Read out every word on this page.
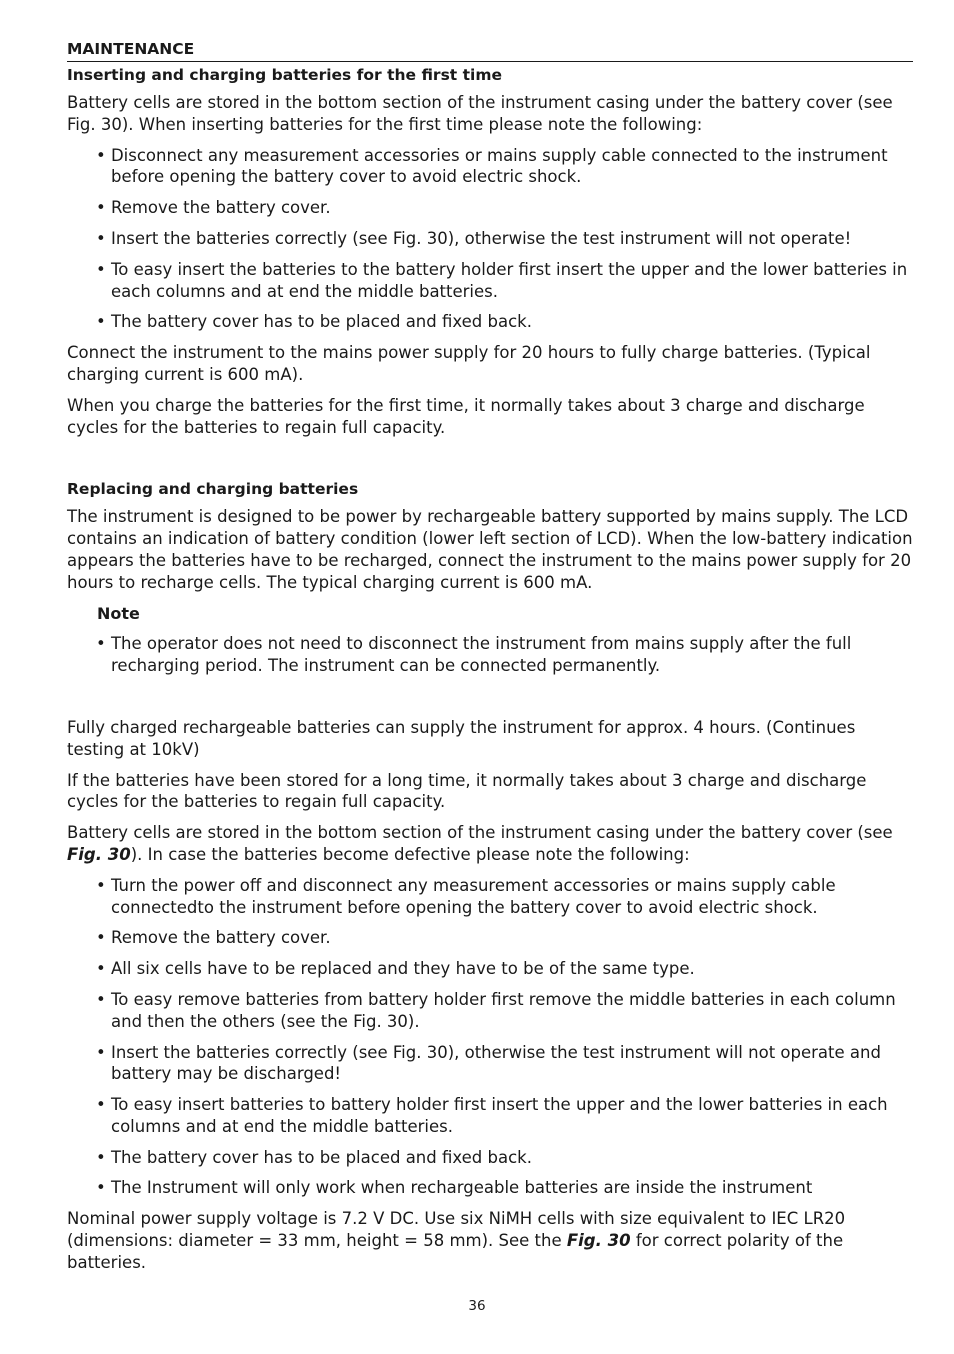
MAINTENANCE
Inserting and charging batteries for the first time

Battery cells are stored in the bottom section of the instrument casing under the battery cover (see Fig. 30). When inserting batteries for the first time please note the following:

• Disconnect any measurement accessories or mains supply cable connected to the instrument before opening the battery cover to avoid electric shock.
• Remove the battery cover.
• Insert the batteries correctly (see Fig. 30), otherwise the test instrument will not operate!
• To easy insert the batteries to the battery holder first insert the upper and the lower batteries in each columns and at end the middle batteries.
• The battery cover has to be placed and fixed back.

Connect the instrument to the mains power supply for 20 hours to fully charge batteries. (Typical charging current is 600 mA).

When you charge the batteries for the first time, it normally takes about 3 charge and discharge cycles for the batteries to regain full capacity.

Replacing and charging batteries

The instrument is designed to be power by rechargeable battery supported by mains supply. The LCD contains an indication of battery condition (lower left section of LCD). When the low-battery indication appears the batteries have to be recharged, connect the instrument to the mains power supply for 20 hours to recharge cells. The typical charging current is 600 mA.

Note
• The operator does not need to disconnect the instrument from mains supply after the full recharging period. The instrument can be connected permanently.

Fully charged rechargeable batteries can supply the instrument for approx. 4 hours. (Continues testing at 10kV)

If the batteries have been stored for a long time, it normally takes about 3 charge and discharge cycles for the batteries to regain full capacity.

Battery cells are stored in the bottom section of the instrument casing under the battery cover (see Fig. 30). In case the batteries become defective please note the following:

• Turn the power off and disconnect any measurement accessories or mains supply cable connectedto the instrument before opening the battery cover to avoid electric shock.
• Remove the battery cover.
• All six cells have to be replaced and they have to be of the same type.
• To easy remove batteries from battery holder first remove the middle batteries in each column and then the others (see the Fig. 30).
• Insert the batteries correctly (see Fig. 30), otherwise the test instrument will not operate and battery may be discharged!
• To easy insert batteries to battery holder first insert the upper and the lower batteries in each columns and at end the middle batteries.
• The battery cover has to be placed and fixed back.
• The Instrument will only work when rechargeable batteries are inside the instrument

Nominal power supply voltage is 7.2 V DC. Use six NiMH cells with size equivalent to IEC LR20 (dimensions: diameter = 33 mm, height = 58 mm). See the Fig. 30 for correct polarity of the batteries.

36
